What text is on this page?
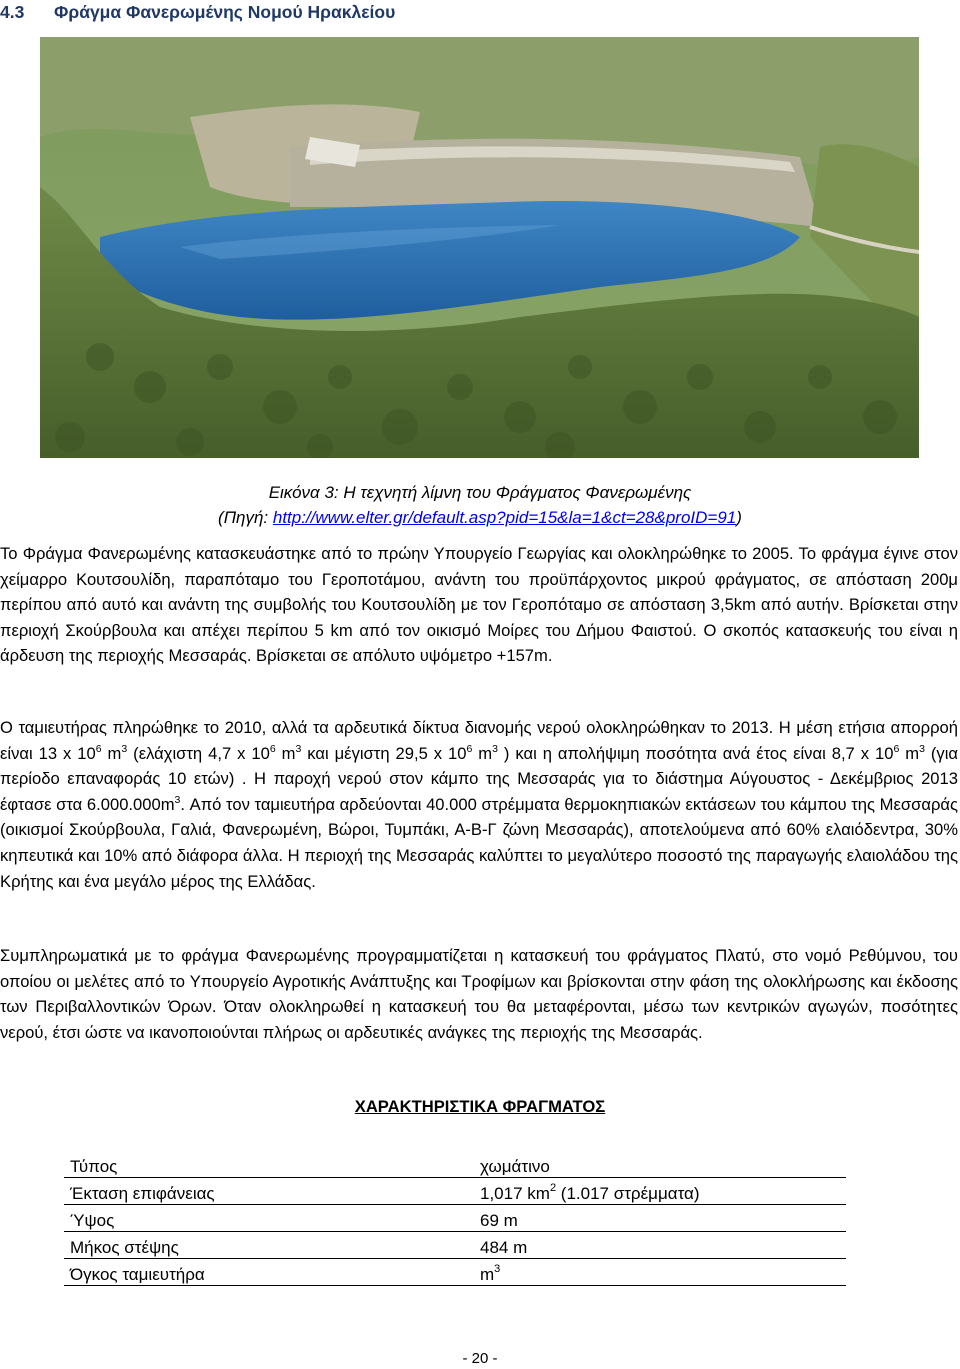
4.3 Φράγμα Φανερωμένης Νομού Ηρακλείου
Εικόνα 3: Η τεχνητή λίμνη του Φράγματος Φανερωμένης
(Πηγή: http://www.elter.gr/default.asp?pid=15&la=1&ct=28&proID=91)

Το Φράγμα Φανερωμένης κατασκευάστηκε από το πρώην Υπουργείο Γεωργίας και ολοκληρώθηκε το 2005. Το φράγμα έγινε στον χείμαρρο Κουτσουλίδη, παραπόταμο του Γεροποτάμου, ανάντη του προϋπάρχοντος μικρού φράγματος, σε απόσταση 200μ περίπου από αυτό και ανάντη της συμβολής του Κουτσουλίδη με τον Γεροπόταμο σε απόσταση 3,5km από αυτήν. Βρίσκεται στην περιοχή Σκούρβουλα και απέχει περίπου 5 km από τον οικισμό Μοίρες του Δήμου Φαιστού. Ο σκοπός κατασκευής του είναι η άρδευση της περιοχής Μεσσαράς. Βρίσκεται σε απόλυτο υψόμετρο +157m.

Ο ταμιευτήρας πληρώθηκε το 2010, αλλά τα αρδευτικά δίκτυα διανομής νερού ολοκληρώθηκαν το 2013. Η μέση ετήσια απορροή είναι 13 x $10^6$ $m^3$ (ελάχιστη 4,7 x $10^6$ $m^3$ και μέγιστη 29,5 x $10^6$ $m^3$ ) και η απολήψιμη ποσότητα ανά έτος είναι 8,7 x $10^6$ $m^3$ (για περίοδο επαναφοράς 10 ετών) . Η παροχή νερού στον κάμπο της Μεσσαράς για το διάστημα Αύγουστος - Δεκέμβριος 2013 έφτασε στα $6.000.000m^3$. Από τον ταμιευτήρα αρδεύονται 40.000 στρέμματα θερμοκηπιακών εκτάσεων του κάμπου της Μεσσαράς (οικισμοί Σκούρβουλα, Γαλιά, Φανερωμένη, Βώροι, Τυμπάκι, Α-Β-Γ ζώνη Μεσσαράς), αποτελούμενα από 60% ελαιόδεντρα, 30% κηπευτικά και 10% από διάφορα άλλα. Η περιοχή της Μεσσαράς καλύπτει το μεγαλύτερο ποσοστό της παραγωγής ελαιολάδου της Κρήτης και ένα μεγάλο μέρος της Ελλάδας.

Συμπληρωματικά με το φράγμα Φανερωμένης προγραμματίζεται η κατασκευή του φράγματος Πλατύ, στο νομό Ρεθύμνου, του οποίου οι μελέτες από το Υπουργείο Αγροτικής Ανάπτυξης και Τροφίμων και βρίσκονται στην φάση της ολοκλήρωσης και έκδοσης των Περιβαλλοντικών Όρων. Όταν ολοκληρωθεί η κατασκευή του θα μεταφέρονται, μέσω των κεντρικών αγωγών, ποσότητες νερού, έτσι ώστε να ικανοποιούνται πλήρως οι αρδευτικές ανάγκες της περιοχής της Μεσσαράς.

ΧΑΡΑΚΤΗΡΙΣΤΙΚΑ ΦΡΑΓΜΑΤΟΣ
Τύπος	χωμάτινο
Έκταση επιφάνειας	1,017 $km^2$ (1.017 στρέμματα)
Ύψος	69 m
Μήκος στέψης	484 m
Όγκος ταμιευτήρα	$m^3$
- 20 -
